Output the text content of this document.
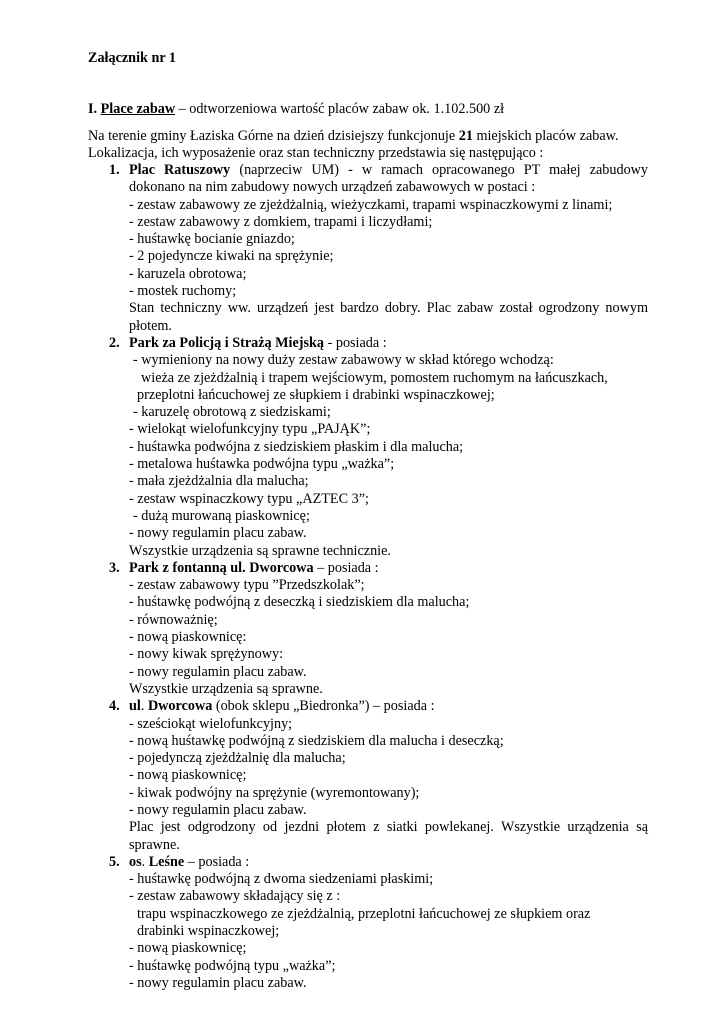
Załącznik nr 1
I. Place zabaw – odtworzeniowa wartość placów zabaw ok. 1.102.500 zł
Na terenie gminy Łaziska Górne na dzień dzisiejszy funkcjonuje 21 miejskich placów zabaw.
Lokalizacja, ich wyposażenie oraz stan techniczny przedstawia się następująco :
1. Plac Ratuszowy (naprzeciw UM) - w ramach opracowanego PT małej zabudowy dokonano na nim zabudowy nowych urządzeń zabawowych w postaci :
- zestaw zabawowy ze zjeżdżalnią, wieżyczkami, trapami wspinaczkowymi z linami;
- zestaw zabawowy z domkiem, trapami i liczydłami;
- huśtawkę bocianie gniazdo;
- 2 pojedyncze kiwaki na sprężynie;
- karuzela obrotowa;
- mostek ruchomy;
Stan techniczny ww. urządzeń jest bardzo dobry. Plac zabaw został ogrodzony nowym płotem.
2. Park za Policją i Strażą Miejską - posiada :
- wymieniony na nowy duży zestaw zabawowy w skład którego wchodzą:
wieża ze zjeżdżalnią i trapem wejściowym, pomostem ruchomym na łańcuszkach,
przeplotni łańcuchowej ze słupkiem i drabinki wspinaczkowej;
- karuzelę obrotową z siedziskami;
- wielokąt wielofunkcyjny typu „PAJĄK”;
- huśtawka podwójna z siedziskiem płaskim i dla malucha;
- metalowa huśtawka podwójna typu „ważka”;
- mała zjeżdżalnia dla malucha;
- zestaw wspinaczkowy typu „AZTEC 3”;
- dużą murowaną piaskownicę;
- nowy regulamin placu zabaw.
Wszystkie urządzenia są sprawne technicznie.
3. Park z fontanną ul. Dworcowa – posiada :
- zestaw zabawowy typu ”Przedszkolak”;
- huśtawkę podwójną z deseczką i siedziskiem dla malucha;
- równoważnię;
- nową piaskownicę:
- nowy kiwak sprężynowy:
- nowy regulamin placu zabaw.
Wszystkie urządzenia są sprawne.
4. ul. Dworcowa (obok sklepu „Biedronka”) – posiada :
- sześciokąt wielofunkcyjny;
- nową huśtawkę podwójną z siedziskiem dla malucha i deseczką;
- pojedynczą zjeżdżalnię dla malucha;
- nową piaskownicę;
- kiwak podwójny na sprężynie (wyremontowany);
- nowy regulamin placu zabaw.
Plac jest odgrodzony od jezdni płotem z siatki powlekanej. Wszystkie urządzenia są sprawne.
5. os. Leśne – posiada :
- huśtawkę podwójną z dwoma siedzeniami płaskimi;
- zestaw zabawowy składający się z :
trapu wspinaczkowego ze zjeżdżalnią, przeplotni łańcuchowej ze słupkiem oraz
drabinki wspinaczkowej;
- nową piaskownicę;
- huśtawkę podwójną typu „ważka”;
- nowy regulamin placu zabaw.
